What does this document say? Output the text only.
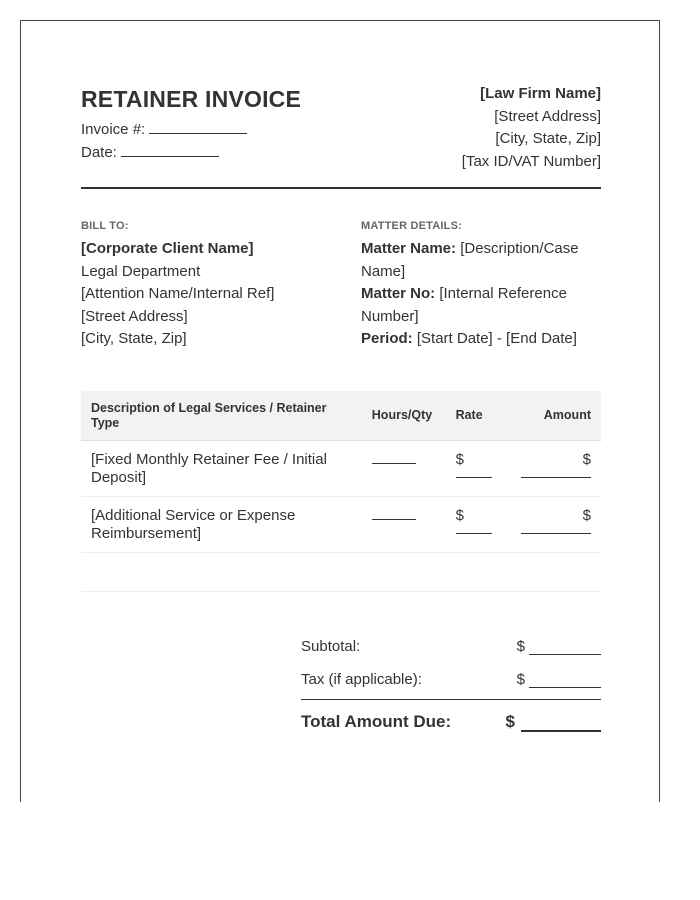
RETAINER INVOICE
Invoice #:
Date:
[Law Firm Name]
[Street Address]
[City, State, Zip]
[Tax ID/VAT Number]
BILL TO:
[Corporate Client Name]
Legal Department
[Attention Name/Internal Ref]
[Street Address]
[City, State, Zip]
MATTER DETAILS:
Matter Name: [Description/Case Name]
Matter No: [Internal Reference Number]
Period: [Start Date] - [End Date]
Description of Legal Services / Retainer Type	Hours/Qty	Rate	Amount
[Fixed Monthly Retainer Fee / Initial Deposit]		$	$

[Additional Service or Expense Reimbursement]		$	$
Subtotal:	$
Tax (if applicable):	$
Total Amount Due:	$
